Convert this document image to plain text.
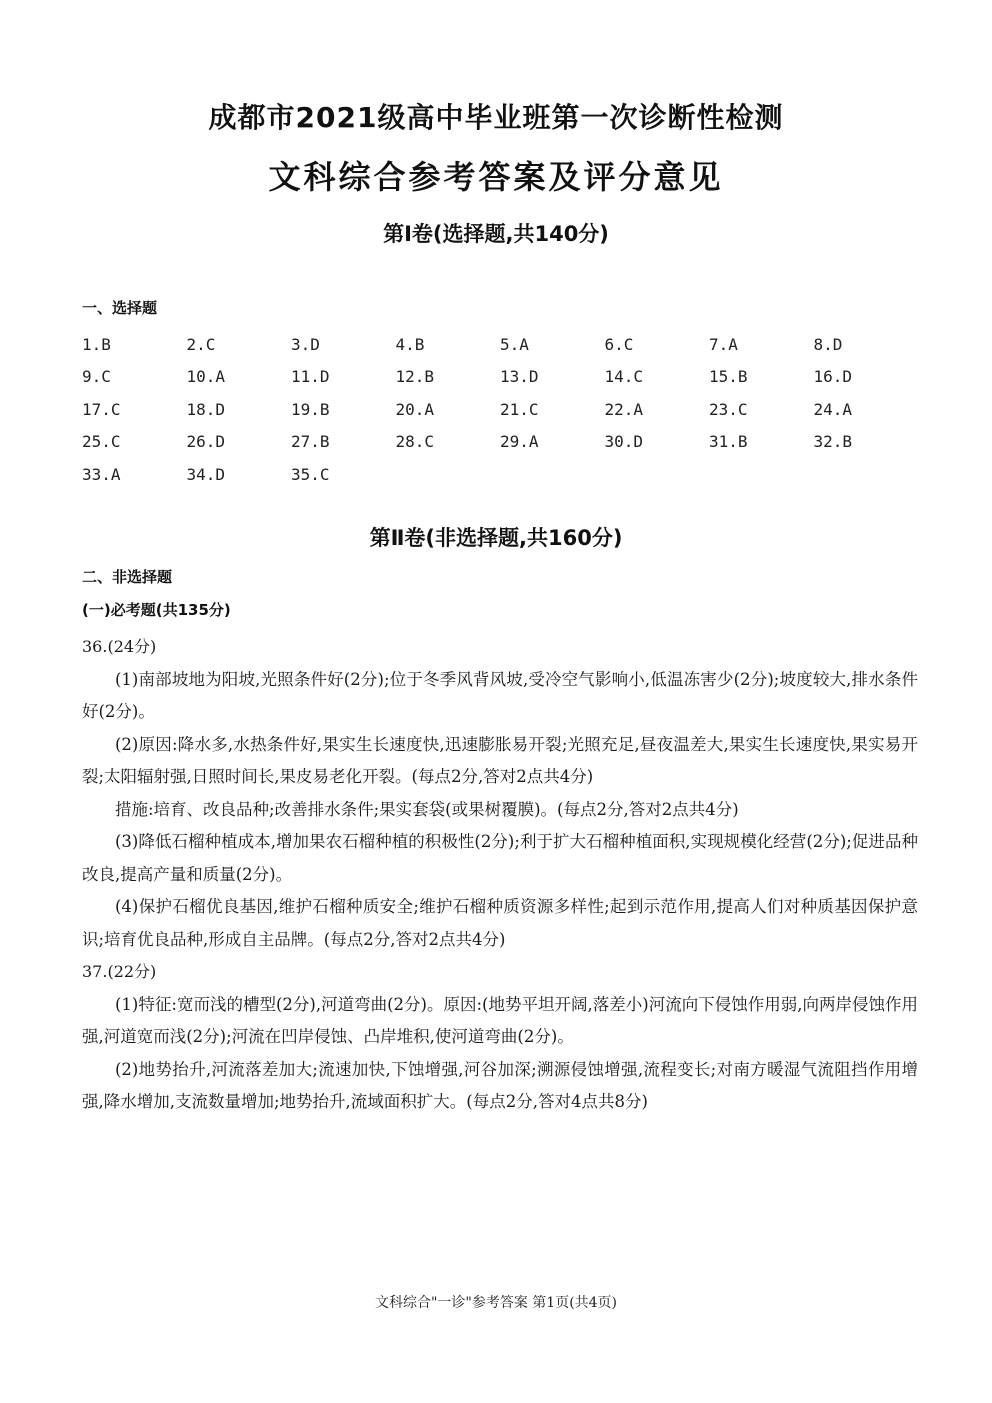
成都市2021级高中毕业班第一次诊断性检测
文科综合参考答案及评分意见
第Ⅰ卷(选择题,共140分)
一、选择题
1.B	2.C	3.D	4.B	5.A	6.C	7.A	8.D
9.C	10.A	11.D	12.B	13.D	14.C	15.B	16.D
17.C	18.D	19.B	20.A	21.C	22.A	23.C	24.A
25.C	26.D	27.B	28.C	29.A	30.D	31.B	32.B
33.A	34.D	35.C
第Ⅱ卷(非选择题,共160分)
二、非选择题
(一)必考题(共135分)
36.(24分)
(1)南部坡地为阳坡,光照条件好(2分);位于冬季风背风坡,受冷空气影响小,低温冻害少(2分);坡度较大,排水条件好(2分)。
(2)原因:降水多,水热条件好,果实生长速度快,迅速膨胀易开裂;光照充足,昼夜温差大,果实生长速度快,果实易开裂;太阳辐射强,日照时间长,果皮易老化开裂。(每点2分,答对2点共4分)
措施:培育、改良品种;改善排水条件;果实套袋(或果树覆膜)。(每点2分,答对2点共4分)
(3)降低石榴种植成本,增加果农石榴种植的积极性(2分);利于扩大石榴种植面积,实现规模化经营(2分);促进品种改良,提高产量和质量(2分)。
(4)保护石榴优良基因,维护石榴种质安全;维护石榴种质资源多样性;起到示范作用,提高人们对种质基因保护意识;培育优良品种,形成自主品牌。(每点2分,答对2点共4分)
37.(22分)
(1)特征:宽而浅的槽型(2分),河道弯曲(2分)。原因:(地势平坦开阔,落差小)河流向下侵蚀作用弱,向两岸侵蚀作用强,河道宽而浅(2分);河流在凹岸侵蚀、凸岸堆积,使河道弯曲(2分)。
(2)地势抬升,河流落差加大;流速加快,下蚀增强,河谷加深;溯源侵蚀增强,流程变长;对南方暖湿气流阻挡作用增强,降水增加,支流数量增加;地势抬升,流域面积扩大。(每点2分,答对4点共8分)
文科综合"一诊"参考答案 第1页(共4页)
